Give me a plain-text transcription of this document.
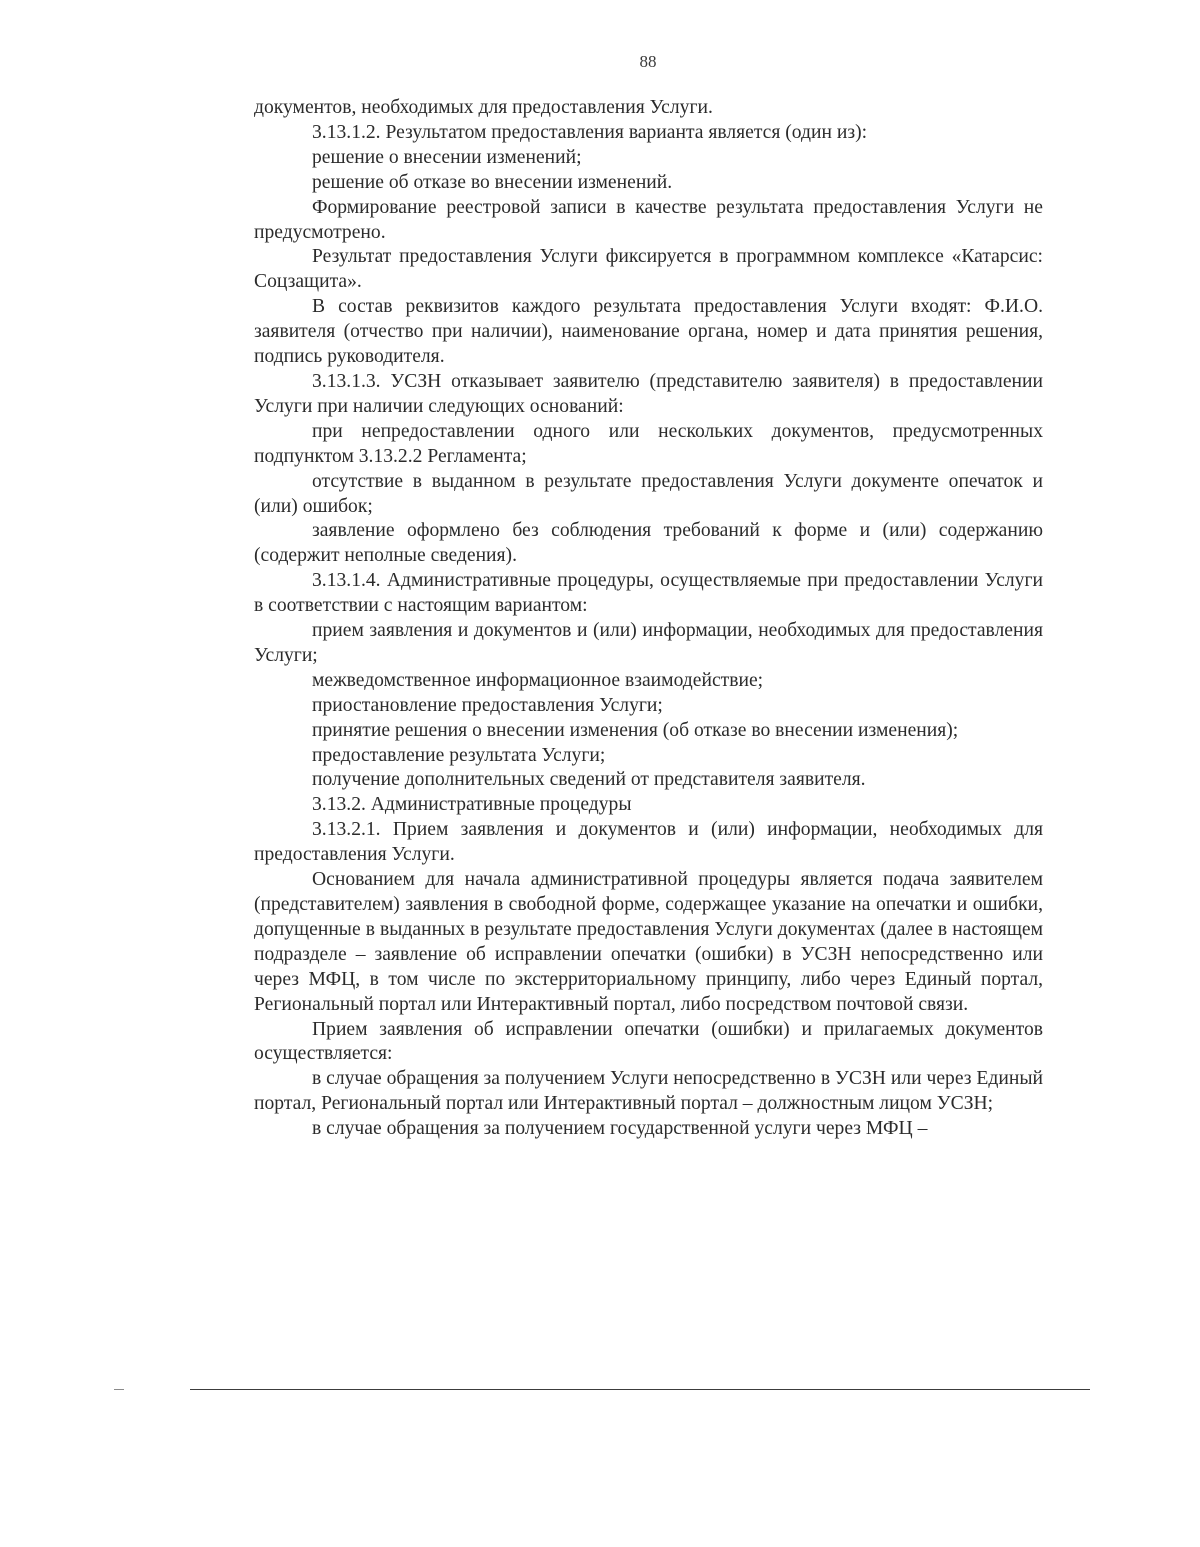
88

документов, необходимых для предоставления Услуги.

3.13.1.2. Результатом предоставления варианта является (один из):

решение о внесении изменений;

решение об отказе во внесении изменений.

Формирование реестровой записи в качестве результата предоставления Услуги не предусмотрено.

Результат предоставления Услуги фиксируется в программном комплексе «Катарсис: Соцзащита».

В состав реквизитов каждого результата предоставления Услуги входят: Ф.И.О. заявителя (отчество при наличии), наименование органа, номер и дата принятия решения, подпись руководителя.

3.13.1.3. УСЗН отказывает заявителю (представителю заявителя) в предоставлении Услуги при наличии следующих оснований:

при непредоставлении одного или нескольких документов, предусмотренных подпунктом 3.13.2.2 Регламента;

отсутствие в выданном в результате предоставления Услуги документе опечаток и (или) ошибок;

заявление оформлено без соблюдения требований к форме и (или) содержанию (содержит неполные сведения).

3.13.1.4. Административные процедуры, осуществляемые при предоставлении Услуги в соответствии с настоящим вариантом:

прием заявления и документов и (или) информации, необходимых для предоставления Услуги;

межведомственное информационное взаимодействие;

приостановление предоставления Услуги;

принятие решения о внесении изменения (об отказе во внесении изменения);

предоставление результата Услуги;

получение дополнительных сведений от представителя заявителя.

3.13.2. Административные процедуры

3.13.2.1. Прием заявления и документов и (или) информации, необходимых для предоставления Услуги.

Основанием для начала административной процедуры является подача заявителем (представителем) заявления в свободной форме, содержащее указание на опечатки и ошибки, допущенные в выданных в результате предоставления Услуги документах (далее в настоящем подразделе – заявление об исправлении опечатки (ошибки) в УСЗН непосредственно или через МФЦ, в том числе по экстерриториальному принципу, либо через Единый портал, Региональный портал или Интерактивный портал, либо посредством почтовой связи.

Прием заявления об исправлении опечатки (ошибки) и прилагаемых документов осуществляется:

в случае обращения за получением Услуги непосредственно в УСЗН или через Единый портал, Региональный портал или Интерактивный портал – должностным лицом УСЗН;

в случае обращения за получением государственной услуги через МФЦ –
